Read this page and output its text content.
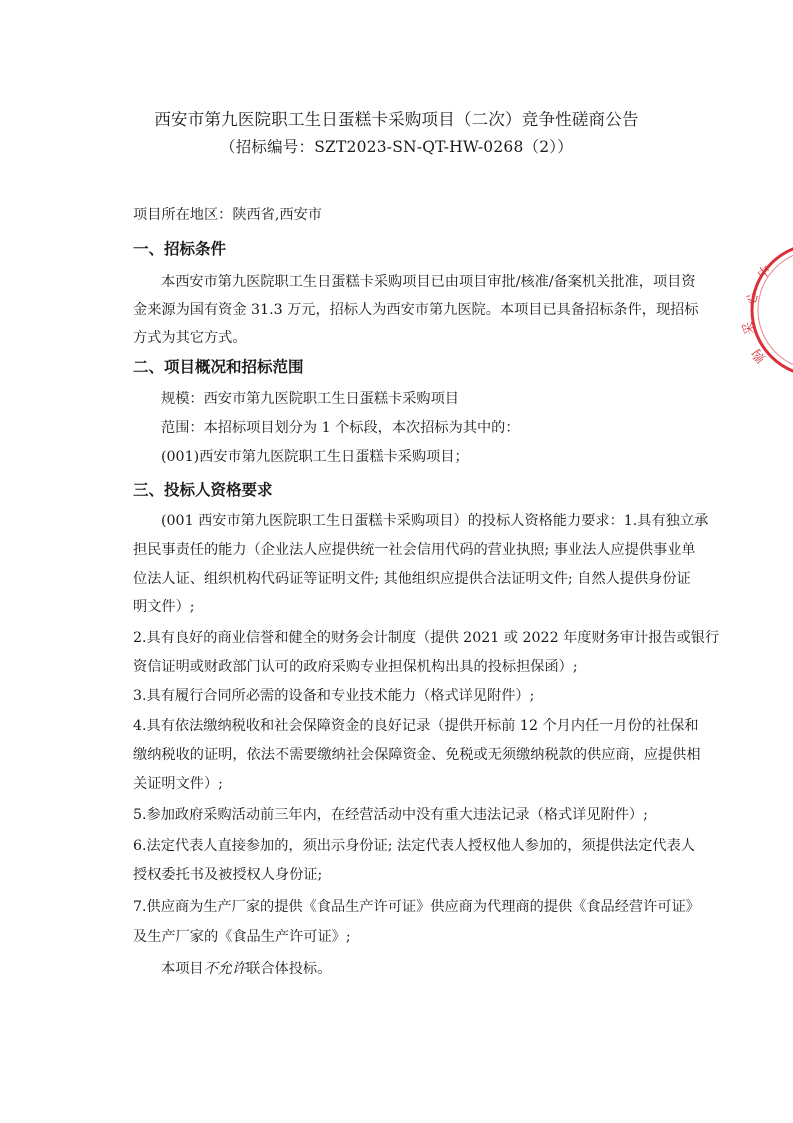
西安市第九医院职工生日蛋糕卡采购项目（二次）竞争性磋商公告
（招标编号：SZT2023-SN-QT-HW-0268（2））
项目所在地区：陕西省,西安市
一、招标条件
本西安市第九医院职工生日蛋糕卡采购项目已由项目审批/核准/备案机关批准，项目资
金来源为国有资金 31.3 万元，招标人为西安市第九医院。本项目已具备招标条件，现招标
方式为其它方式。
二、项目概况和招标范围
规模：西安市第九医院职工生日蛋糕卡采购项目
范围：本招标项目划分为 1 个标段，本次招标为其中的：
(001)西安市第九医院职工生日蛋糕卡采购项目；
三、投标人资格要求
(001 西安市第九医院职工生日蛋糕卡采购项目）的投标人资格能力要求：1.具有独立承
担民事责任的能力（企业法人应提供统一社会信用代码的营业执照; 事业法人应提供事业单
位法人证、组织机构代码证等证明文件; 其他组织应提供合法证明文件; 自然人提供身份证
明文件）;
2.具有良好的商业信誉和健全的财务会计制度（提供 2021 或 2022 年度财务审计报告或银行
资信证明或财政部门认可的政府采购专业担保机构出具的投标担保函）;
3.具有履行合同所必需的设备和专业技术能力（格式详见附件）;
4.具有依法缴纳税收和社会保障资金的良好记录（提供开标前 12 个月内任一月份的社保和
缴纳税收的证明，依法不需要缴纳社会保障资金、免税或无须缴纳税款的供应商，应提供相
关证明文件）;
5.参加政府采购活动前三年内，在经营活动中没有重大违法记录（格式详见附件）;
6.法定代表人直接参加的，须出示身份证; 法定代表人授权他人参加的，须提供法定代表人
授权委托书及被授权人身份证;
7.供应商为生产厂家的提供《食品生产许可证》供应商为代理商的提供《食品经营许可证》
及生产厂家的《食品生产许可证》;
本项目不允许联合体投标。
中
心
采
购
